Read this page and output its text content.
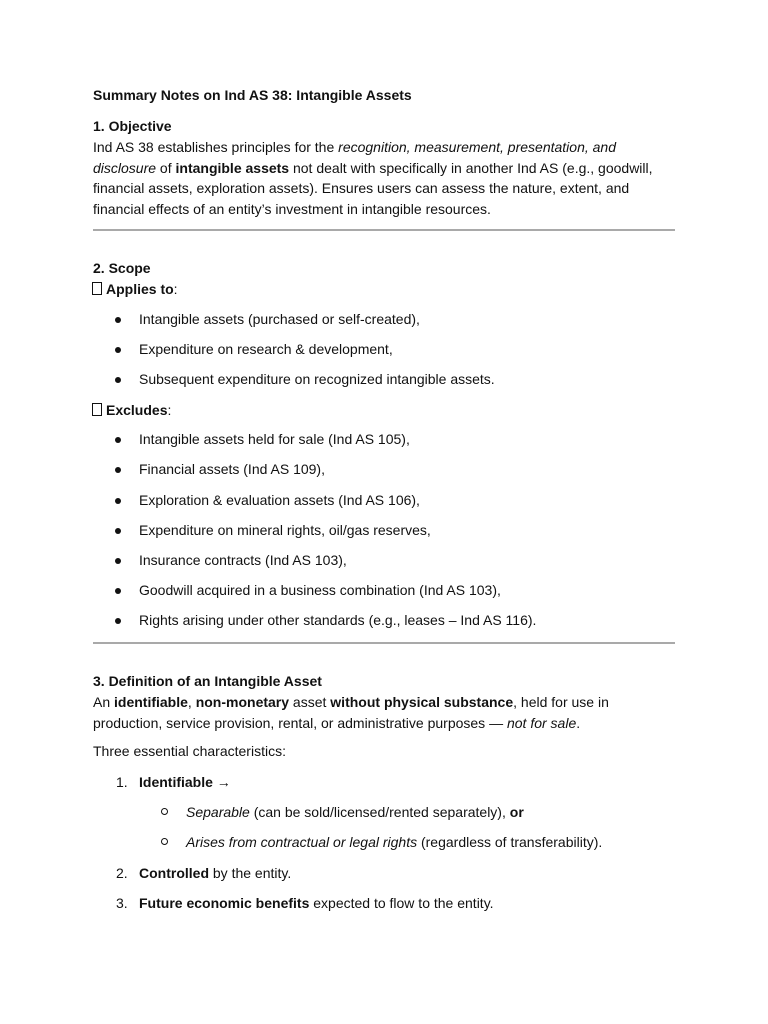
Summary Notes on Ind AS 38: Intangible Assets
1. Objective
Ind AS 38 establishes principles for the recognition, measurement, presentation, and disclosure of intangible assets not dealt with specifically in another Ind AS (e.g., goodwill, financial assets, exploration assets). Ensures users can assess the nature, extent, and financial effects of an entity’s investment in intangible resources.
2. Scope
Applies to:
Intangible assets (purchased or self-created),
Expenditure on research & development,
Subsequent expenditure on recognized intangible assets.
Excludes:
Intangible assets held for sale (Ind AS 105),
Financial assets (Ind AS 109),
Exploration & evaluation assets (Ind AS 106),
Expenditure on mineral rights, oil/gas reserves,
Insurance contracts (Ind AS 103),
Goodwill acquired in a business combination (Ind AS 103),
Rights arising under other standards (e.g., leases – Ind AS 116).
3. Definition of an Intangible Asset
An identifiable, non-monetary asset without physical substance, held for use in production, service provision, rental, or administrative purposes — not for sale.
Three essential characteristics:
1. Identifiable →
Separable (can be sold/licensed/rented separately), or
Arises from contractual or legal rights (regardless of transferability).
2. Controlled by the entity.
3. Future economic benefits expected to flow to the entity.
